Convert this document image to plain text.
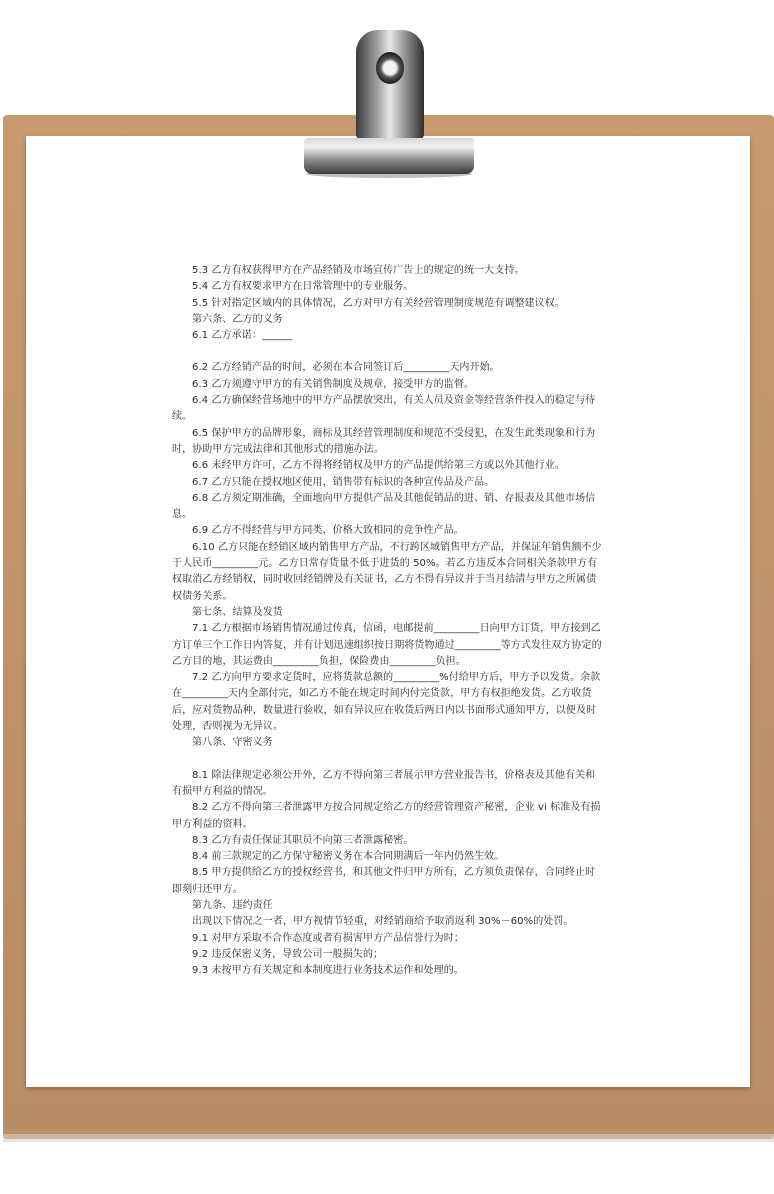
5.3 乙方有权获得甲方在产品经销及市场宣传广告上的规定的统一大支持。

5.4 乙方有权要求甲方在日常管理中的专业服务。

5.5 针对指定区域内的具体情况，乙方对甲方有关经营管理制度规范有调整建议权。

第六条、乙方的义务

6.1 乙方承诺：______

6.2 乙方经销产品的时间，必须在本合同签订后_________天内开始。

6.3 乙方须遵守甲方的有关销售制度及规章，接受甲方的监督。

6.4 乙方确保经营场地中的甲方产品摆放突出，有关人员及资金等经营条件投入的稳定与待续。

6.5 保护甲方的品牌形象，商标及其经营管理制度和规范不受侵犯，在发生此类现象和行为时，协助甲方完成法律和其他形式的措施办法。

6.6 未经甲方许可，乙方不得将经销权及甲方的产品提供给第三方或以外其他行业。

6.7 乙方只能在授权地区使用，销售带有标识的各种宣传品及产品。

6.8 乙方须定期准确，全面地向甲方提供产品及其他促销品的进、销、存报表及其他市场信息。

6.9 乙方不得经营与甲方同类，价格大致相同的竞争性产品。

6.10 乙方只能在经销区域内销售甲方产品，不行跨区域销售甲方产品，并保证年销售额不少于人民币_________元。乙方日常存货量不低于进货的 50%。若乙方违反本合同相关条款甲方有权取消乙方经销权，同时收回经销牌及有关证书，乙方不得有异议并于当月结清与甲方之所属债权债务关系。

第七条、结算及发货

7.1 乙方根据市场销售情况通过传真，信函，电邮提前_________日向甲方订货，甲方接到乙方订单三个工作日内答复，并有计划迅速组织按日期将货物通过_________等方式发往双方协定的乙方目的地，其运费由_________负担，保险费由_________负担。

7.2 乙方向甲方要求定货时，应将货款总额的_________%付给甲方后，甲方予以发货。余款在_________天内全部付完，如乙方不能在规定时间内付完货款，甲方有权拒绝发货。乙方收货后，应对货物品种，数量进行验收，如有异议应在收货后两日内以书面形式通知甲方，以便及时处理，否则视为无异议。

第八条、守密义务

8.1 除法律规定必须公开外，乙方不得向第三者展示甲方营业报告书，价格表及其他有关和有损甲方利益的情况。

8.2 乙方不得向第三者泄露甲方按合同规定给乙方的经营管理资产秘密，企业 vi 标准及有损甲方利益的资料。

8.3 乙方有责任保证其职员不向第三者泄露秘密。

8.4 前三款规定的乙方保守秘密义务在本合同期满后一年内仍然生效。

8.5 甲方提供给乙方的授权经营书，和其他文件归甲方所有，乙方须负责保存，合同终止时即刻归还甲方。

第九条、违约责任

出现以下情况之一者，甲方视情节轻重，对经销商给予取消返利 30%－60%的处罚。

9.1 对甲方采取不合作态度或者有损害甲方产品信誉行为时；

9.2 违反保密义务，导致公司一般损失的；

9.3 未按甲方有关规定和本制度进行业务技术运作和处理的。
